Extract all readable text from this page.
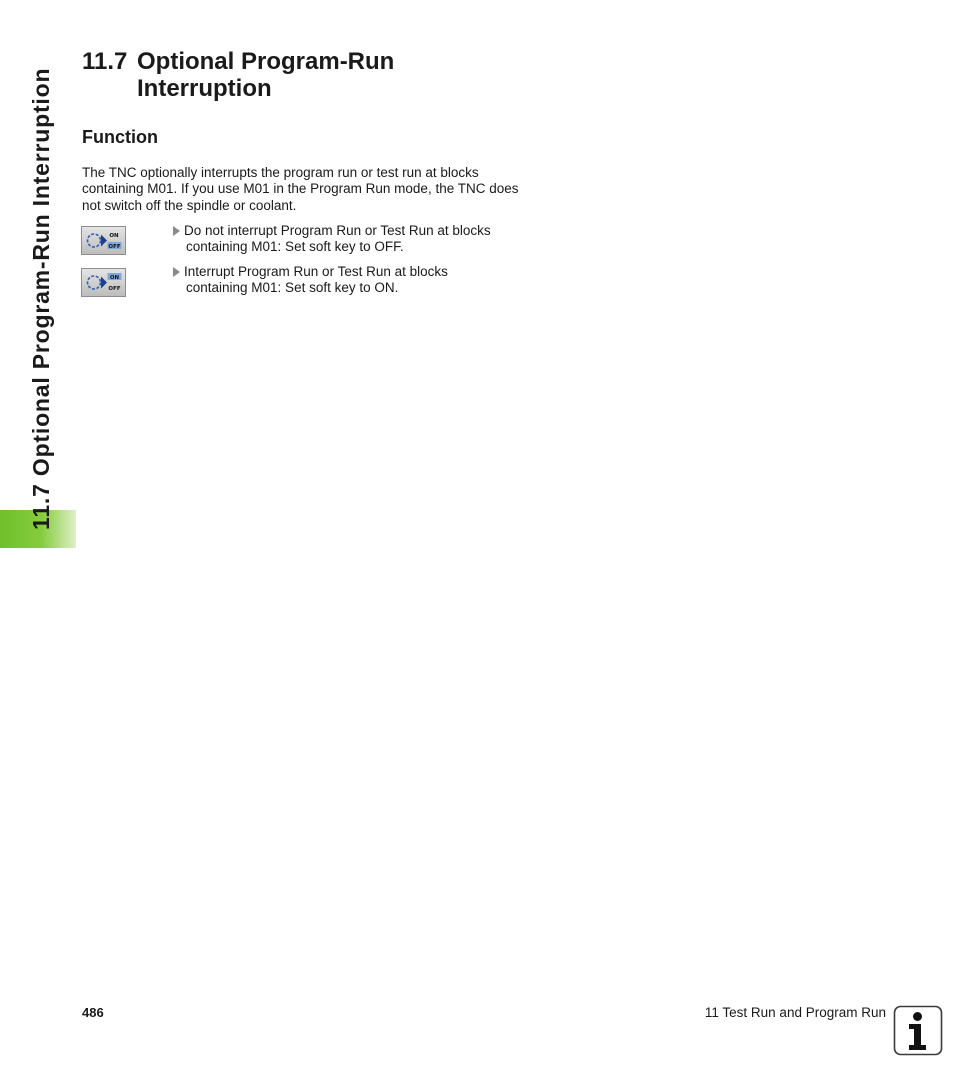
11.7 Optional Program-Run Interruption
11.7 Optional Program-Run
Interruption
Function

The TNC optionally interrupts the program run or test run at blocks containing M01. If you use M01 in the Program Run mode, the TNC does not switch off the spindle or coolant.

ON
OFF

Do not interrupt Program Run or Test Run at blocks
containing M01: Set soft key to OFF.

ON
OFF

Interrupt Program Run or Test Run at blocks
containing M01: Set soft key to ON.

486	11 Test Run and Program Run
